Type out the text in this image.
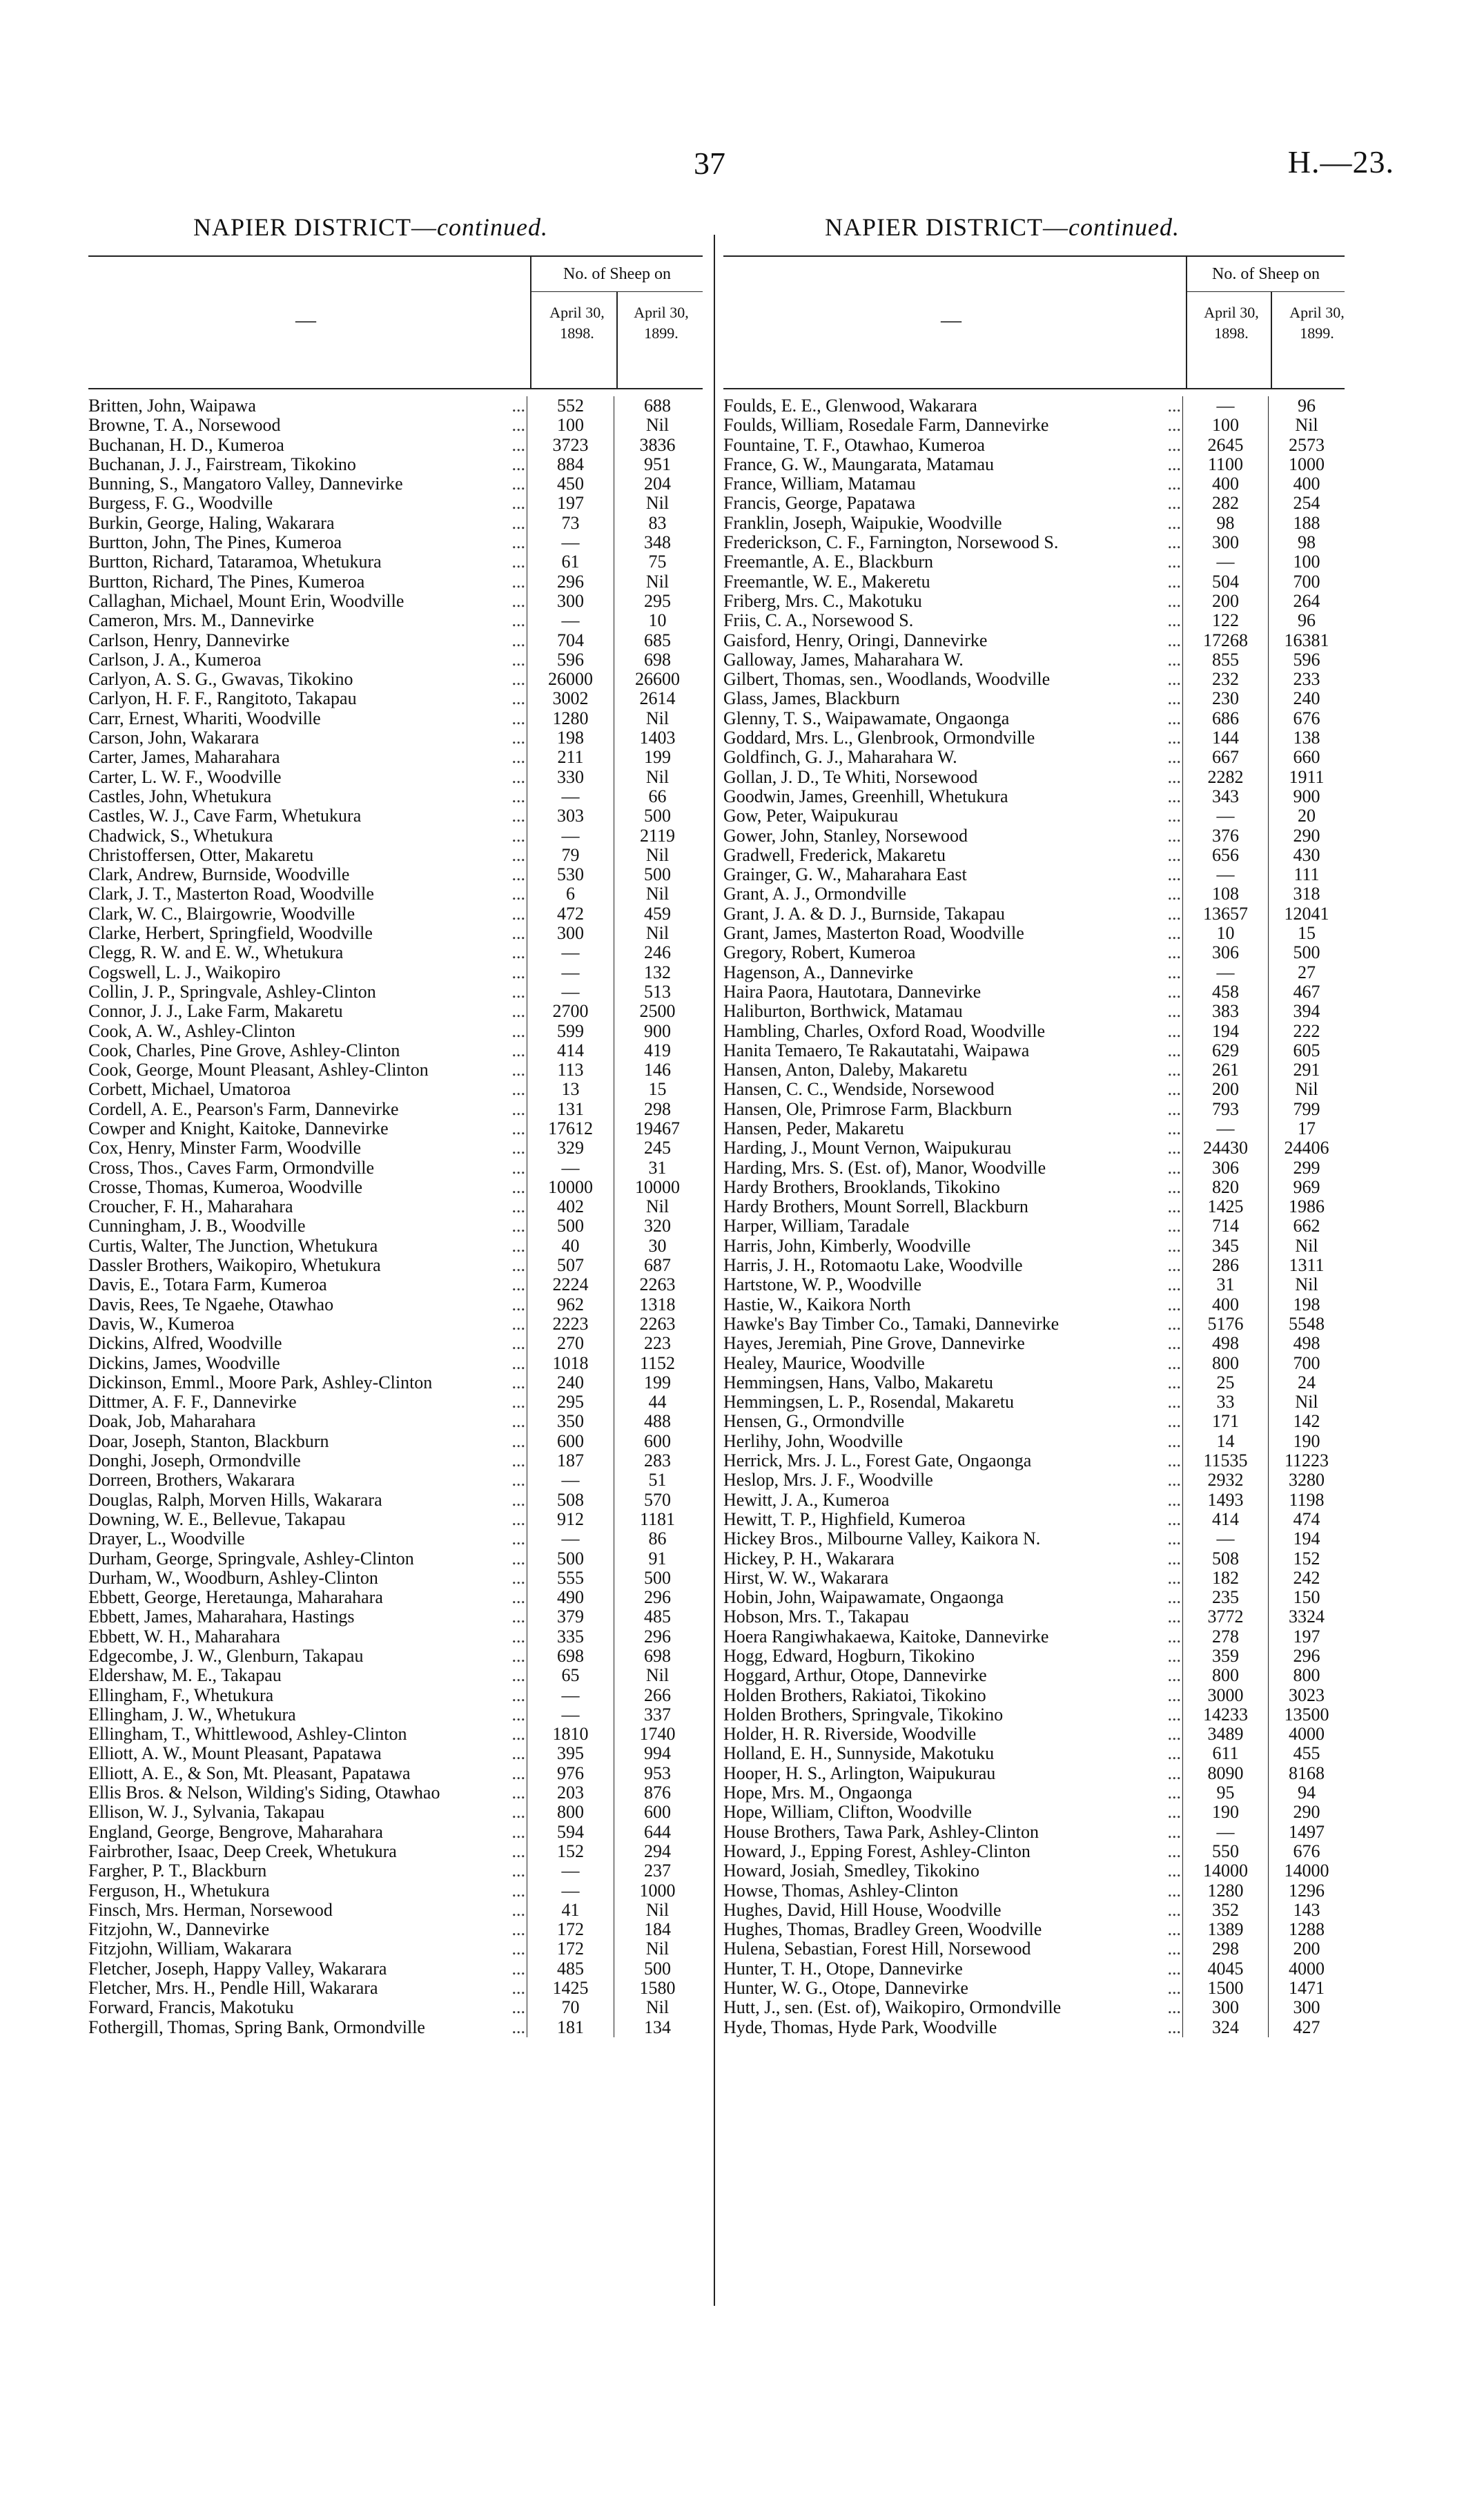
37	H.—23.
NAPIER DISTRICT—continued.	NAPIER DISTRICT—continued.
—
No. of Sheep on
April 30, 1898.
April 30, 1899.
Britten, John, Waipawa	...	552	688
Browne, T. A., Norsewood	...	100	Nil
Buchanan, H. D., Kumeroa	...	3723	3836
Buchanan, J. J., Fairstream, Tikokino	...	884	951
Bunning, S., Mangatoro Valley, Dannevirke	...	450	204
Burgess, F. G., Woodville	...	197	Nil
Burkin, George, Haling, Wakarara	...	73	83
Burtton, John, The Pines, Kumeroa	...	—	348
Burtton, Richard, Tataramoa, Whetukura	...	61	75
Burtton, Richard, The Pines, Kumeroa	...	296	Nil
Callaghan, Michael, Mount Erin, Woodville	...	300	295
Cameron, Mrs. M., Dannevirke	...	—	10
Carlson, Henry, Dannevirke	...	704	685
Carlson, J. A., Kumeroa	...	596	698
Carlyon, A. S. G., Gwavas, Tikokino	...	26000	26600
Carlyon, H. F. F., Rangitoto, Takapau	...	3002	2614
Carr, Ernest, Whariti, Woodville	...	1280	Nil
Carson, John, Wakarara	...	198	1403
Carter, James, Maharahara	...	211	199
Carter, L. W. F., Woodville	...	330	Nil
Castles, John, Whetukura	...	—	66
Castles, W. J., Cave Farm, Whetukura	...	303	500
Chadwick, S., Whetukura	...	—	2119
Christoffersen, Otter, Makaretu	...	79	Nil
Clark, Andrew, Burnside, Woodville	...	530	500
Clark, J. T., Masterton Road, Woodville	...	6	Nil
Clark, W. C., Blairgowrie, Woodville	...	472	459
Clarke, Herbert, Springfield, Woodville	...	300	Nil
Clegg, R. W. and E. W., Whetukura	...	—	246
Cogswell, L. J., Waikopiro	...	—	132
Collin, J. P., Springvale, Ashley-Clinton	...	—	513
Connor, J. J., Lake Farm, Makaretu	...	2700	2500
Cook, A. W., Ashley-Clinton	...	599	900
Cook, Charles, Pine Grove, Ashley-Clinton	...	414	419
Cook, George, Mount Pleasant, Ashley-Clinton	...	113	146
Corbett, Michael, Umatoroa	...	13	15
Cordell, A. E., Pearson's Farm, Dannevirke	...	131	298
Cowper and Knight, Kaitoke, Dannevirke	...	17612	19467
Cox, Henry, Minster Farm, Woodville	...	329	245
Cross, Thos., Caves Farm, Ormondville	...	—	31
Crosse, Thomas, Kumeroa, Woodville	...	10000	10000
Croucher, F. H., Maharahara	...	402	Nil
Cunningham, J. B., Woodville	...	500	320
Curtis, Walter, The Junction, Whetukura	...	40	30
Dassler Brothers, Waikopiro, Whetukura	...	507	687
Davis, E., Totara Farm, Kumeroa	...	2224	2263
Davis, Rees, Te Ngaehe, Otawhao	...	962	1318
Davis, W., Kumeroa	...	2223	2263
Dickins, Alfred, Woodville	...	270	223
Dickins, James, Woodville	...	1018	1152
Dickinson, Emml., Moore Park, Ashley-Clinton	...	240	199
Dittmer, A. F. F., Dannevirke	...	295	44
Doak, Job, Maharahara	...	350	488
Doar, Joseph, Stanton, Blackburn	...	600	600
Donghi, Joseph, Ormondville	...	187	283
Dorreen, Brothers, Wakarara	...	—	51
Douglas, Ralph, Morven Hills, Wakarara	...	508	570
Downing, W. E., Bellevue, Takapau	...	912	1181
Drayer, L., Woodville	...	—	86
Durham, George, Springvale, Ashley-Clinton	...	500	91
Durham, W., Woodburn, Ashley-Clinton	...	555	500
Ebbett, George, Heretaunga, Maharahara	...	490	296
Ebbett, James, Maharahara, Hastings	...	379	485
Ebbett, W. H., Maharahara	...	335	296
Edgecombe, J. W., Glenburn, Takapau	...	698	698
Eldershaw, M. E., Takapau	...	65	Nil
Ellingham, F., Whetukura	...	—	266
Ellingham, J. W., Whetukura	...	—	337
Ellingham, T., Whittlewood, Ashley-Clinton	...	1810	1740
Elliott, A. W., Mount Pleasant, Papatawa	...	395	994
Elliott, A. E., & Son, Mt. Pleasant, Papatawa	...	976	953
Ellis Bros. & Nelson, Wilding's Siding, Otawhao	...	203	876
Ellison, W. J., Sylvania, Takapau	...	800	600
England, George, Bengrove, Maharahara	...	594	644
Fairbrother, Isaac, Deep Creek, Whetukura	...	152	294
Fargher, P. T., Blackburn	...	—	237
Ferguson, H., Whetukura	...	—	1000
Finsch, Mrs. Herman, Norsewood	...	41	Nil
Fitzjohn, W., Dannevirke	...	172	184
Fitzjohn, William, Wakarara	...	172	Nil
Fletcher, Joseph, Happy Valley, Wakarara	...	485	500
Fletcher, Mrs. H., Pendle Hill, Wakarara	...	1425	1580
Forward, Francis, Makotuku	...	70	Nil
Fothergill, Thomas, Spring Bank, Ormondville	...	181	134
—
No. of Sheep on
April 30, 1898.
April 30, 1899.
Foulds, E. E., Glenwood, Wakarara	...	—	96
Foulds, William, Rosedale Farm, Dannevirke	...	100	Nil
Fountaine, T. F., Otawhao, Kumeroa	...	2645	2573
France, G. W., Maungarata, Matamau	...	1100	1000
France, William, Matamau	...	400	400
Francis, George, Papatawa	...	282	254
Franklin, Joseph, Waipukie, Woodville	...	98	188
Frederickson, C. F., Farnington, Norsewood S.	...	300	98
Freemantle, A. E., Blackburn	...	—	100
Freemantle, W. E., Makeretu	...	504	700
Friberg, Mrs. C., Makotuku	...	200	264
Friis, C. A., Norsewood S.	...	122	96
Gaisford, Henry, Oringi, Dannevirke	...	17268	16381
Galloway, James, Maharahara W.	...	855	596
Gilbert, Thomas, sen., Woodlands, Woodville	...	232	233
Glass, James, Blackburn	...	230	240
Glenny, T. S., Waipawamate, Ongaonga	...	686	676
Goddard, Mrs. L., Glenbrook, Ormondville	...	144	138
Goldfinch, G. J., Maharahara W.	...	667	660
Gollan, J. D., Te Whiti, Norsewood	...	2282	1911
Goodwin, James, Greenhill, Whetukura	...	343	900
Gow, Peter, Waipukurau	...	—	20
Gower, John, Stanley, Norsewood	...	376	290
Gradwell, Frederick, Makaretu	...	656	430
Grainger, G. W., Maharahara East	...	—	111
Grant, A. J., Ormondville	...	108	318
Grant, J. A. & D. J., Burnside, Takapau	...	13657	12041
Grant, James, Masterton Road, Woodville	...	10	15
Gregory, Robert, Kumeroa	...	306	500
Hagenson, A., Dannevirke	...	—	27
Haira Paora, Hautotara, Dannevirke	...	458	467
Haliburton, Borthwick, Matamau	...	383	394
Hambling, Charles, Oxford Road, Woodville	...	194	222
Hanita Temaero, Te Rakautatahi, Waipawa	...	629	605
Hansen, Anton, Daleby, Makaretu	...	261	291
Hansen, C. C., Wendside, Norsewood	...	200	Nil
Hansen, Ole, Primrose Farm, Blackburn	...	793	799
Hansen, Peder, Makaretu	...	—	17
Harding, J., Mount Vernon, Waipukurau	...	24430	24406
Harding, Mrs. S. (Est. of), Manor, Woodville	...	306	299
Hardy Brothers, Brooklands, Tikokino	...	820	969
Hardy Brothers, Mount Sorrell, Blackburn	...	1425	1986
Harper, William, Taradale	...	714	662
Harris, John, Kimberly, Woodville	...	345	Nil
Harris, J. H., Rotomaotu Lake, Woodville	...	286	1311
Hartstone, W. P., Woodville	...	31	Nil
Hastie, W., Kaikora North	...	400	198
Hawke's Bay Timber Co., Tamaki, Dannevirke	...	5176	5548
Hayes, Jeremiah, Pine Grove, Dannevirke	...	498	498
Healey, Maurice, Woodville	...	800	700
Hemmingsen, Hans, Valbo, Makaretu	...	25	24
Hemmingsen, L. P., Rosendal, Makaretu	...	33	Nil
Hensen, G., Ormondville	...	171	142
Herlihy, John, Woodville	...	14	190
Herrick, Mrs. J. L., Forest Gate, Ongaonga	...	11535	11223
Heslop, Mrs. J. F., Woodville	...	2932	3280
Hewitt, J. A., Kumeroa	...	1493	1198
Hewitt, T. P., Highfield, Kumeroa	...	414	474
Hickey Bros., Milbourne Valley, Kaikora N.	...	—	194
Hickey, P. H., Wakarara	...	508	152
Hirst, W. W., Wakarara	...	182	242
Hobin, John, Waipawamate, Ongaonga	...	235	150
Hobson, Mrs. T., Takapau	...	3772	3324
Hoera Rangiwhakaewa, Kaitoke, Dannevirke	...	278	197
Hogg, Edward, Hogburn, Tikokino	...	359	296
Hoggard, Arthur, Otope, Dannevirke	...	800	800
Holden Brothers, Rakiatoi, Tikokino	...	3000	3023
Holden Brothers, Springvale, Tikokino	...	14233	13500
Holder, H. R. Riverside, Woodville	...	3489	4000
Holland, E. H., Sunnyside, Makotuku	...	611	455
Hooper, H. S., Arlington, Waipukurau	...	8090	8168
Hope, Mrs. M., Ongaonga	...	95	94
Hope, William, Clifton, Woodville	...	190	290
House Brothers, Tawa Park, Ashley-Clinton	...	—	1497
Howard, J., Epping Forest, Ashley-Clinton	...	550	676
Howard, Josiah, Smedley, Tikokino	...	14000	14000
Howse, Thomas, Ashley-Clinton	...	1280	1296
Hughes, David, Hill House, Woodville	...	352	143
Hughes, Thomas, Bradley Green, Woodville	...	1389	1288
Hulena, Sebastian, Forest Hill, Norsewood	...	298	200
Hunter, T. H., Otope, Dannevirke	...	4045	4000
Hunter, W. G., Otope, Dannevirke	...	1500	1471
Hutt, J., sen. (Est. of), Waikopiro, Ormondville	...	300	300
Hyde, Thomas, Hyde Park, Woodville	...	324	427
